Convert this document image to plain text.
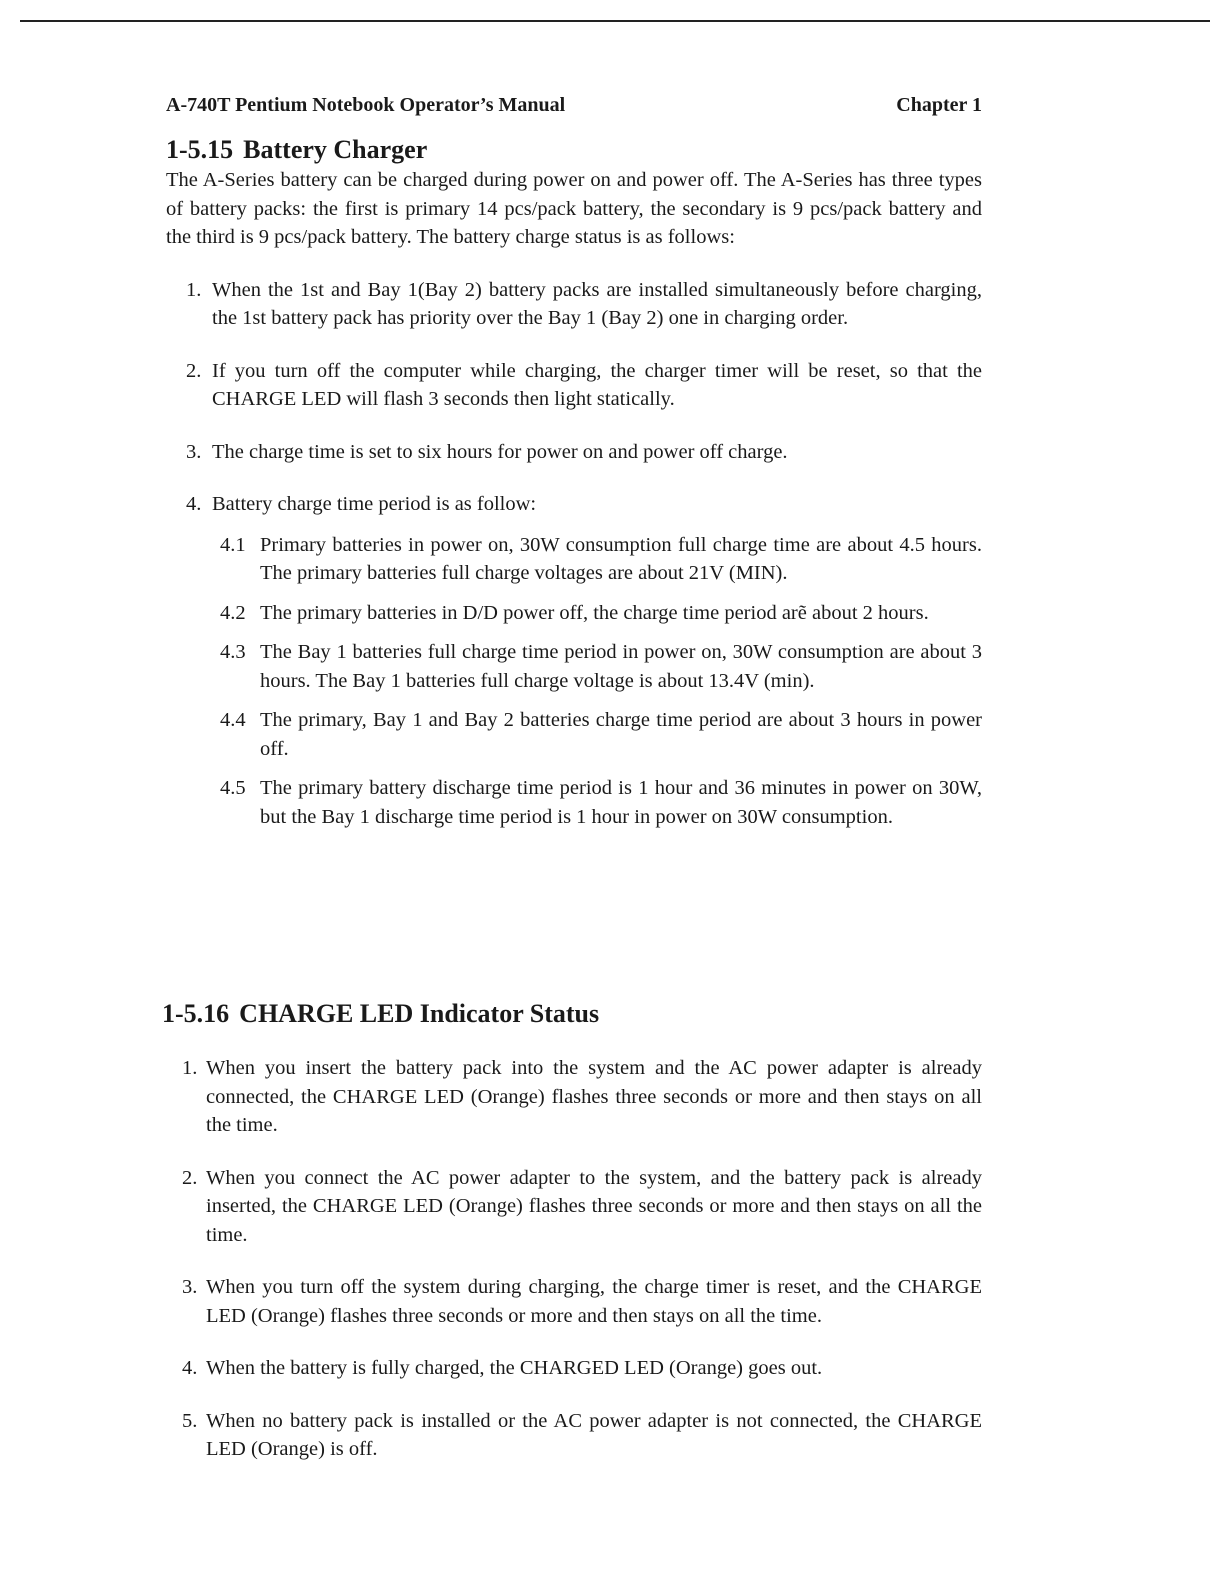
A-740T Pentium Notebook Operator’s Manual	Chapter 1
1-5.15 Battery Charger

The A-Series battery can be charged during power on and power off. The A-Series has three types of battery packs: the first is primary 14 pcs/pack battery, the secondary is 9 pcs/pack battery and the third is 9 pcs/pack battery. The battery charge status is as follows:

1. When the 1st and Bay 1(Bay 2) battery packs are installed simultaneously before charging, the 1st battery pack has priority over the Bay 1 (Bay 2) one in charging order.
2. If you turn off the computer while charging, the charger timer will be reset, so that the CHARGE LED will flash 3 seconds then light statically.
3. The charge time is set to six hours for power on and power off charge.
4. Battery charge time period is as follow:
4.1 Primary batteries in power on, 30W consumption full charge time are about 4.5 hours. The primary batteries full charge voltages are about 21V (MIN).
4.2 The primary batteries in D/D power off, the charge time period arẽ about 2 hours.
4.3 The Bay 1 batteries full charge time period in power on, 30W consumption are about 3 hours. The Bay 1 batteries full charge voltage is about 13.4V (min).
4.4 The primary, Bay 1 and Bay 2 batteries charge time period are about 3 hours in power off.
4.5 The primary battery discharge time period is 1 hour and 36 minutes in power on 30W, but the Bay 1 discharge time period is 1 hour in power on 30W consumption.
1-5.16 CHARGE LED Indicator Status
1. When you insert the battery pack into the system and the AC power adapter is already connected, the CHARGE LED (Orange) flashes three seconds or more and then stays on all the time.
2. When you connect the AC power adapter to the system, and the battery pack is already inserted, the CHARGE LED (Orange) flashes three seconds or more and then stays on all the time.
3. When you turn off the system during charging, the charge timer is reset, and the CHARGE LED (Orange) flashes three seconds or more and then stays on all the time.
4. When the battery is fully charged, the CHARGED LED (Orange) goes out.
5. When no battery pack is installed or the AC power adapter is not connected, the CHARGE LED (Orange) is off.
